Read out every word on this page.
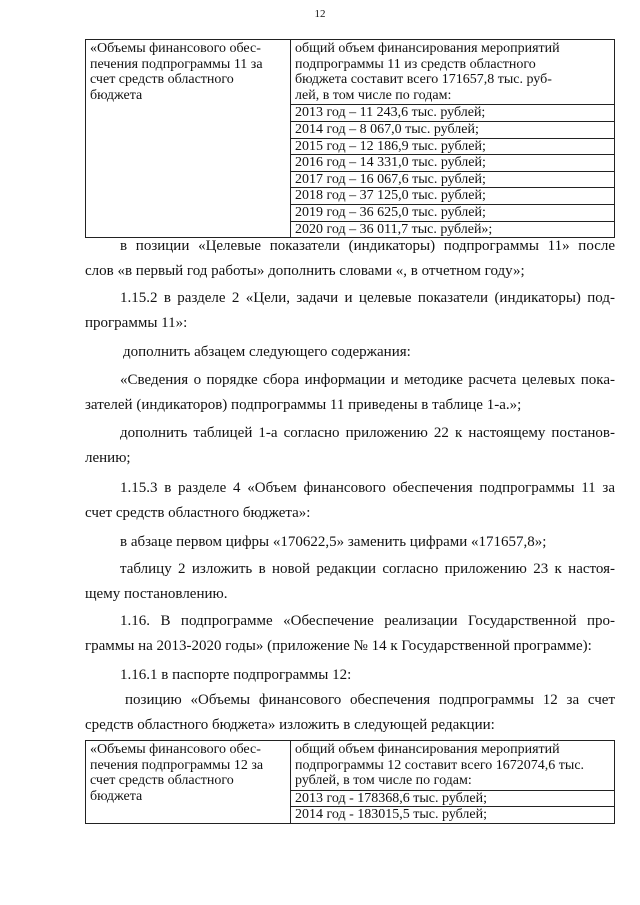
12
«Объемы финансового обес-
печения подпрограммы 11 за
счет средств областного
бюджета
общий объем финансирования мероприятий
подпрограммы 11 из средств областного
бюджета составит всего 171657,8 тыс. руб-
лей, в том числе по годам:
2013 год – 11 243,6 тыс. рублей;
2014 год – 8 067,0 тыс. рублей;
2015 год – 12 186,9 тыс. рублей;
2016 год – 14 331,0 тыс. рублей;
2017 год – 16 067,6 тыс. рублей;
2018 год – 37 125,0 тыс. рублей;
2019 год – 36 625,0 тыс. рублей;
2020 год – 36 011,7 тыс. рублей»;
в позиции «Целевые показатели (индикаторы) подпрограммы 11» после
слов «в первый год работы» дополнить словами «, в отчетном году»;
1.15.2 в разделе 2 «Цели, задачи и целевые показатели (индикаторы) под-
программы 11»:
дополнить абзацем следующего содержания:
«Сведения о порядке сбора информации и методике расчета целевых пока-
зателей (индикаторов) подпрограммы 11 приведены в таблице 1-а.»;
дополнить таблицей 1-а согласно приложению 22 к настоящему постанов-
лению;
1.15.3 в разделе 4 «Объем финансового обеспечения подпрограммы 11 за
счет средств областного бюджета»:
в абзаце первом цифры «170622,5» заменить цифрами «171657,8»;
таблицу 2 изложить в новой редакции согласно приложению 23 к настоя-
щему постановлению.
1.16. В подпрограмме «Обеспечение реализации Государственной про-
граммы на 2013-2020 годы» (приложение № 14 к Государственной программе):
1.16.1 в паспорте подпрограммы 12:
позицию «Объемы финансового обеспечения подпрограммы 12 за счет
средств областного бюджета» изложить в следующей редакции:
«Объемы финансового обес-
печения подпрограммы 12 за
счет средств областного
бюджета
общий объем финансирования мероприятий
подпрограммы 12 составит всего 1672074,6 тыс.
рублей, в том числе по годам:
2013 год - 178368,6 тыс. рублей;
2014 год - 183015,5 тыс. рублей;
